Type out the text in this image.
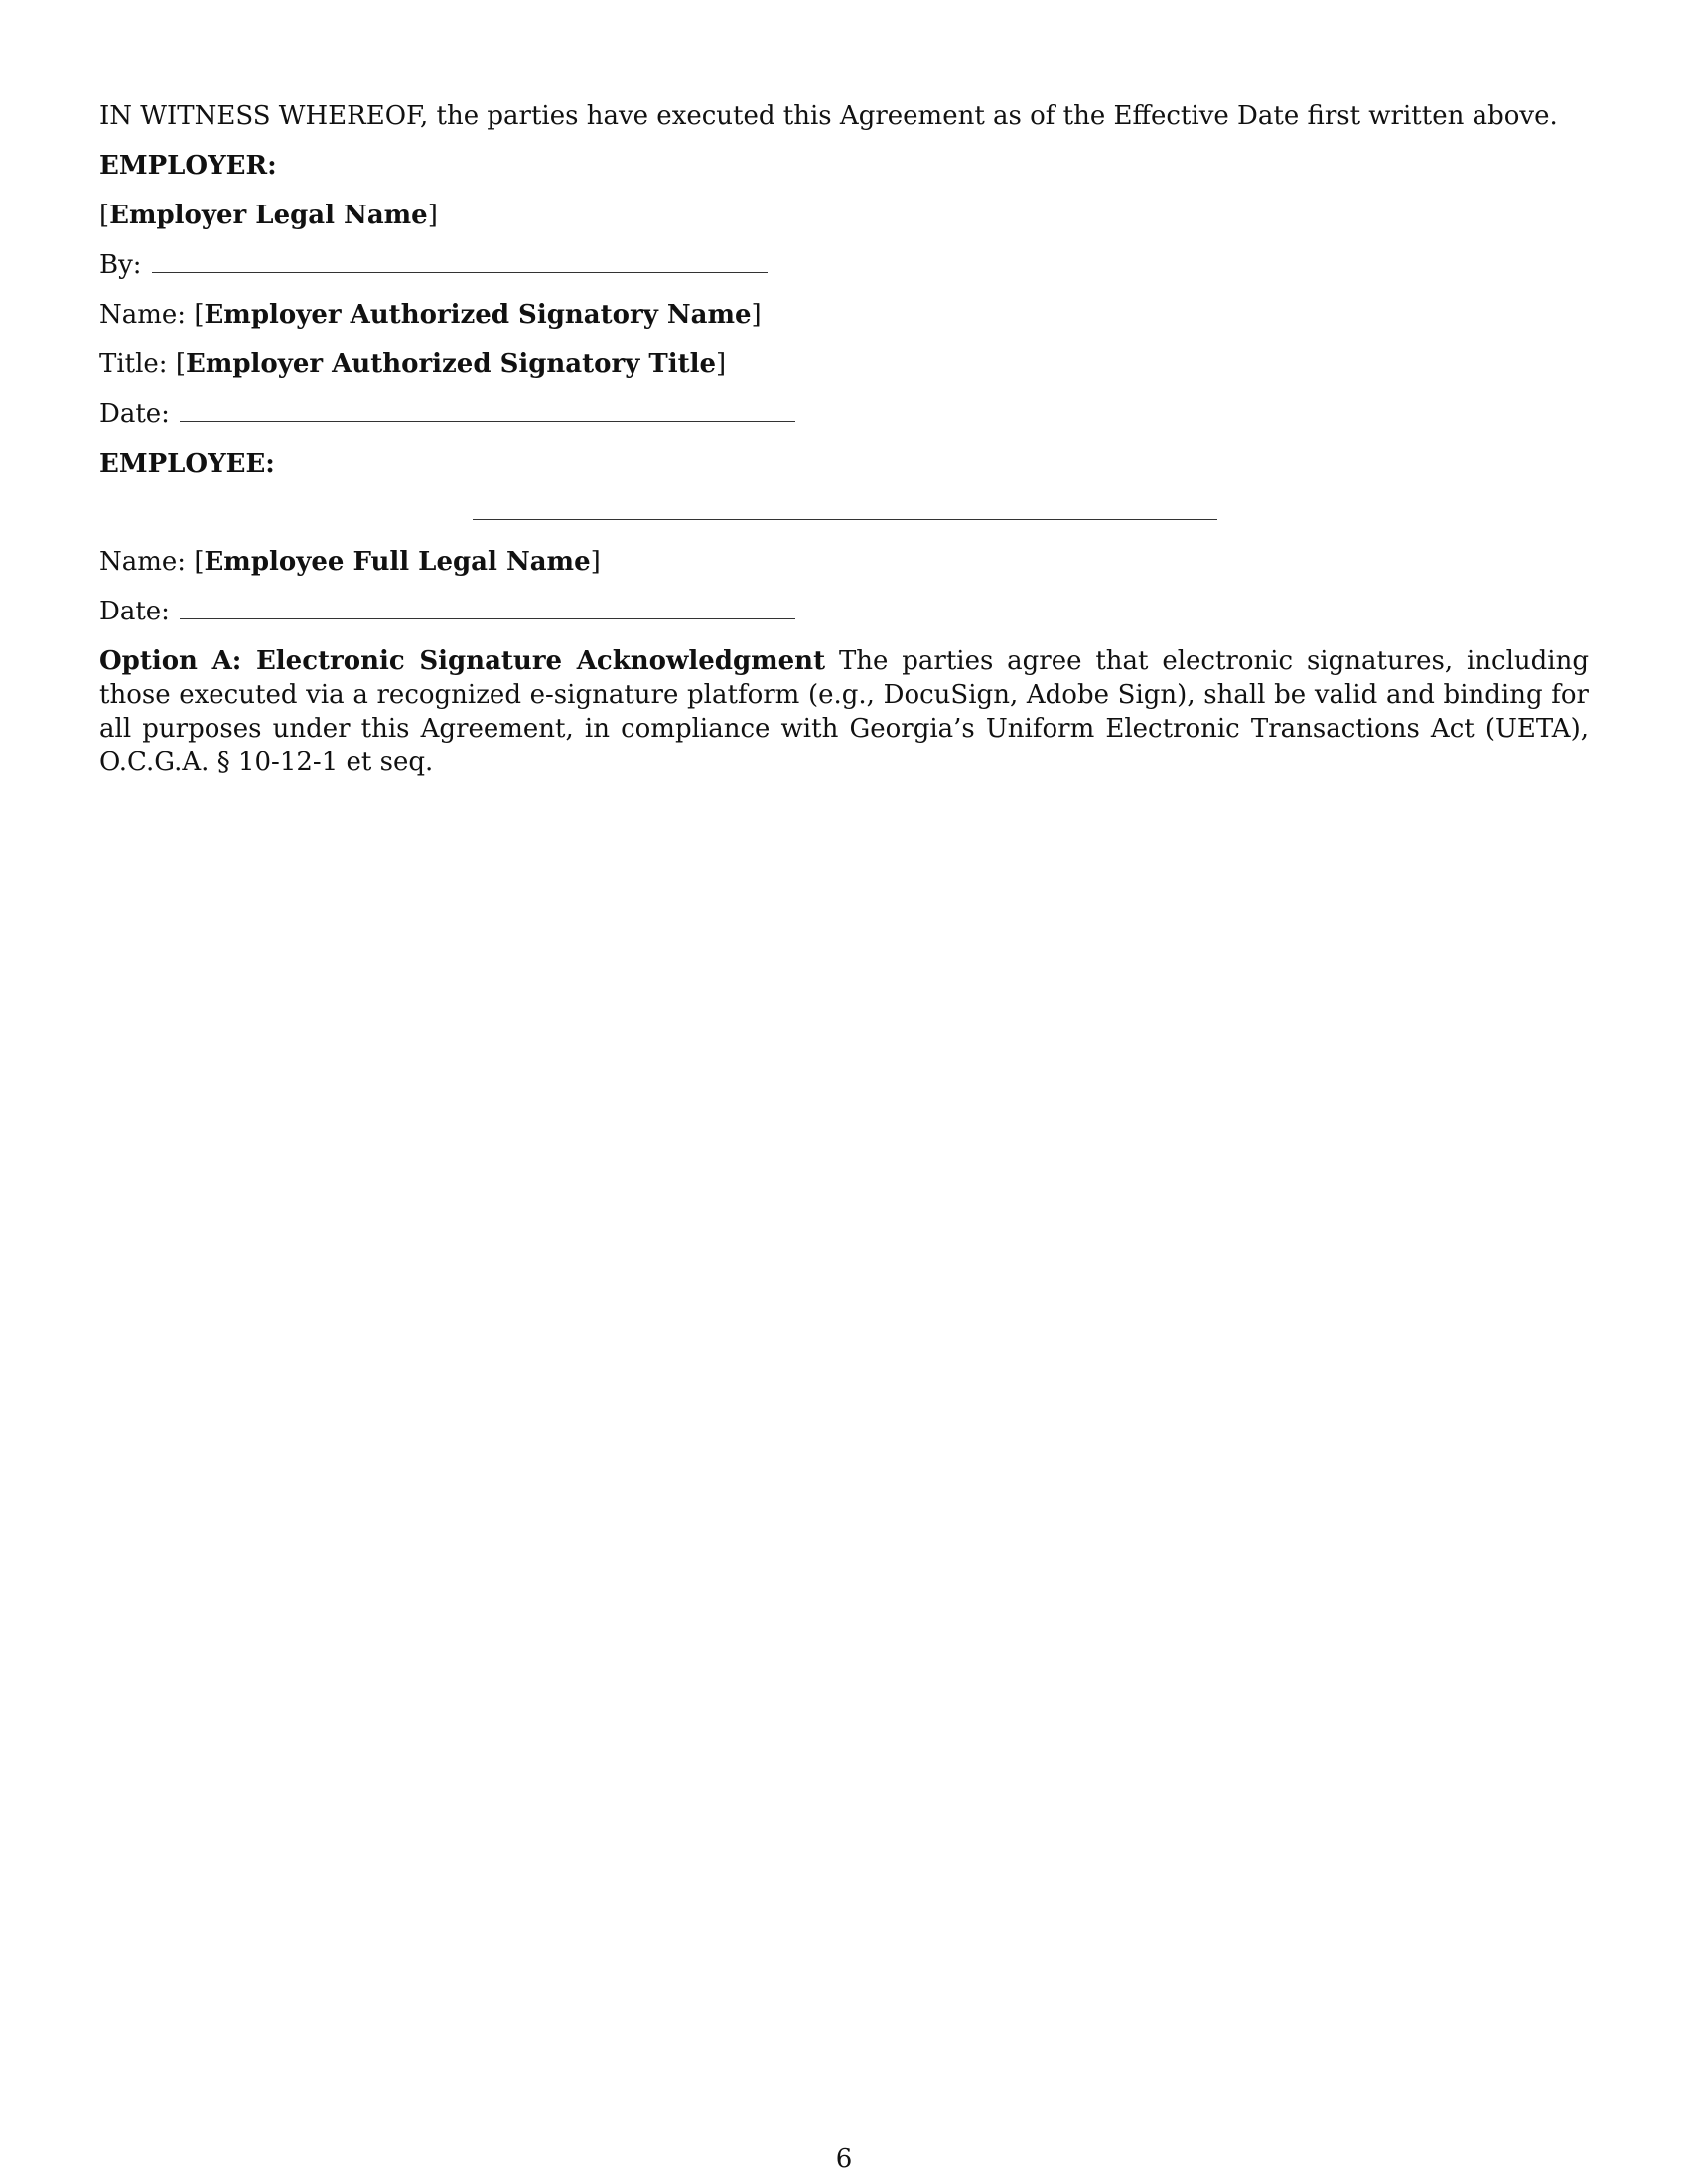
IN WITNESS WHEREOF, the parties have executed this Agreement as of the Effective Date first written above.
EMPLOYER:
[Employer Legal Name]
By:
Name: [Employer Authorized Signatory Name]
Title: [Employer Authorized Signatory Title]
Date:
EMPLOYEE:
Name: [Employee Full Legal Name]
Date:
Option A: Electronic Signature Acknowledgment The parties agree that electronic signatures, including those executed via a recognized e-signature platform (e.g., DocuSign, Adobe Sign), shall be valid and binding for all purposes under this Agreement, in compliance with Georgia’s Uniform Electronic Transactions Act (UETA), O.C.G.A. § 10-12-1 et seq.
6
